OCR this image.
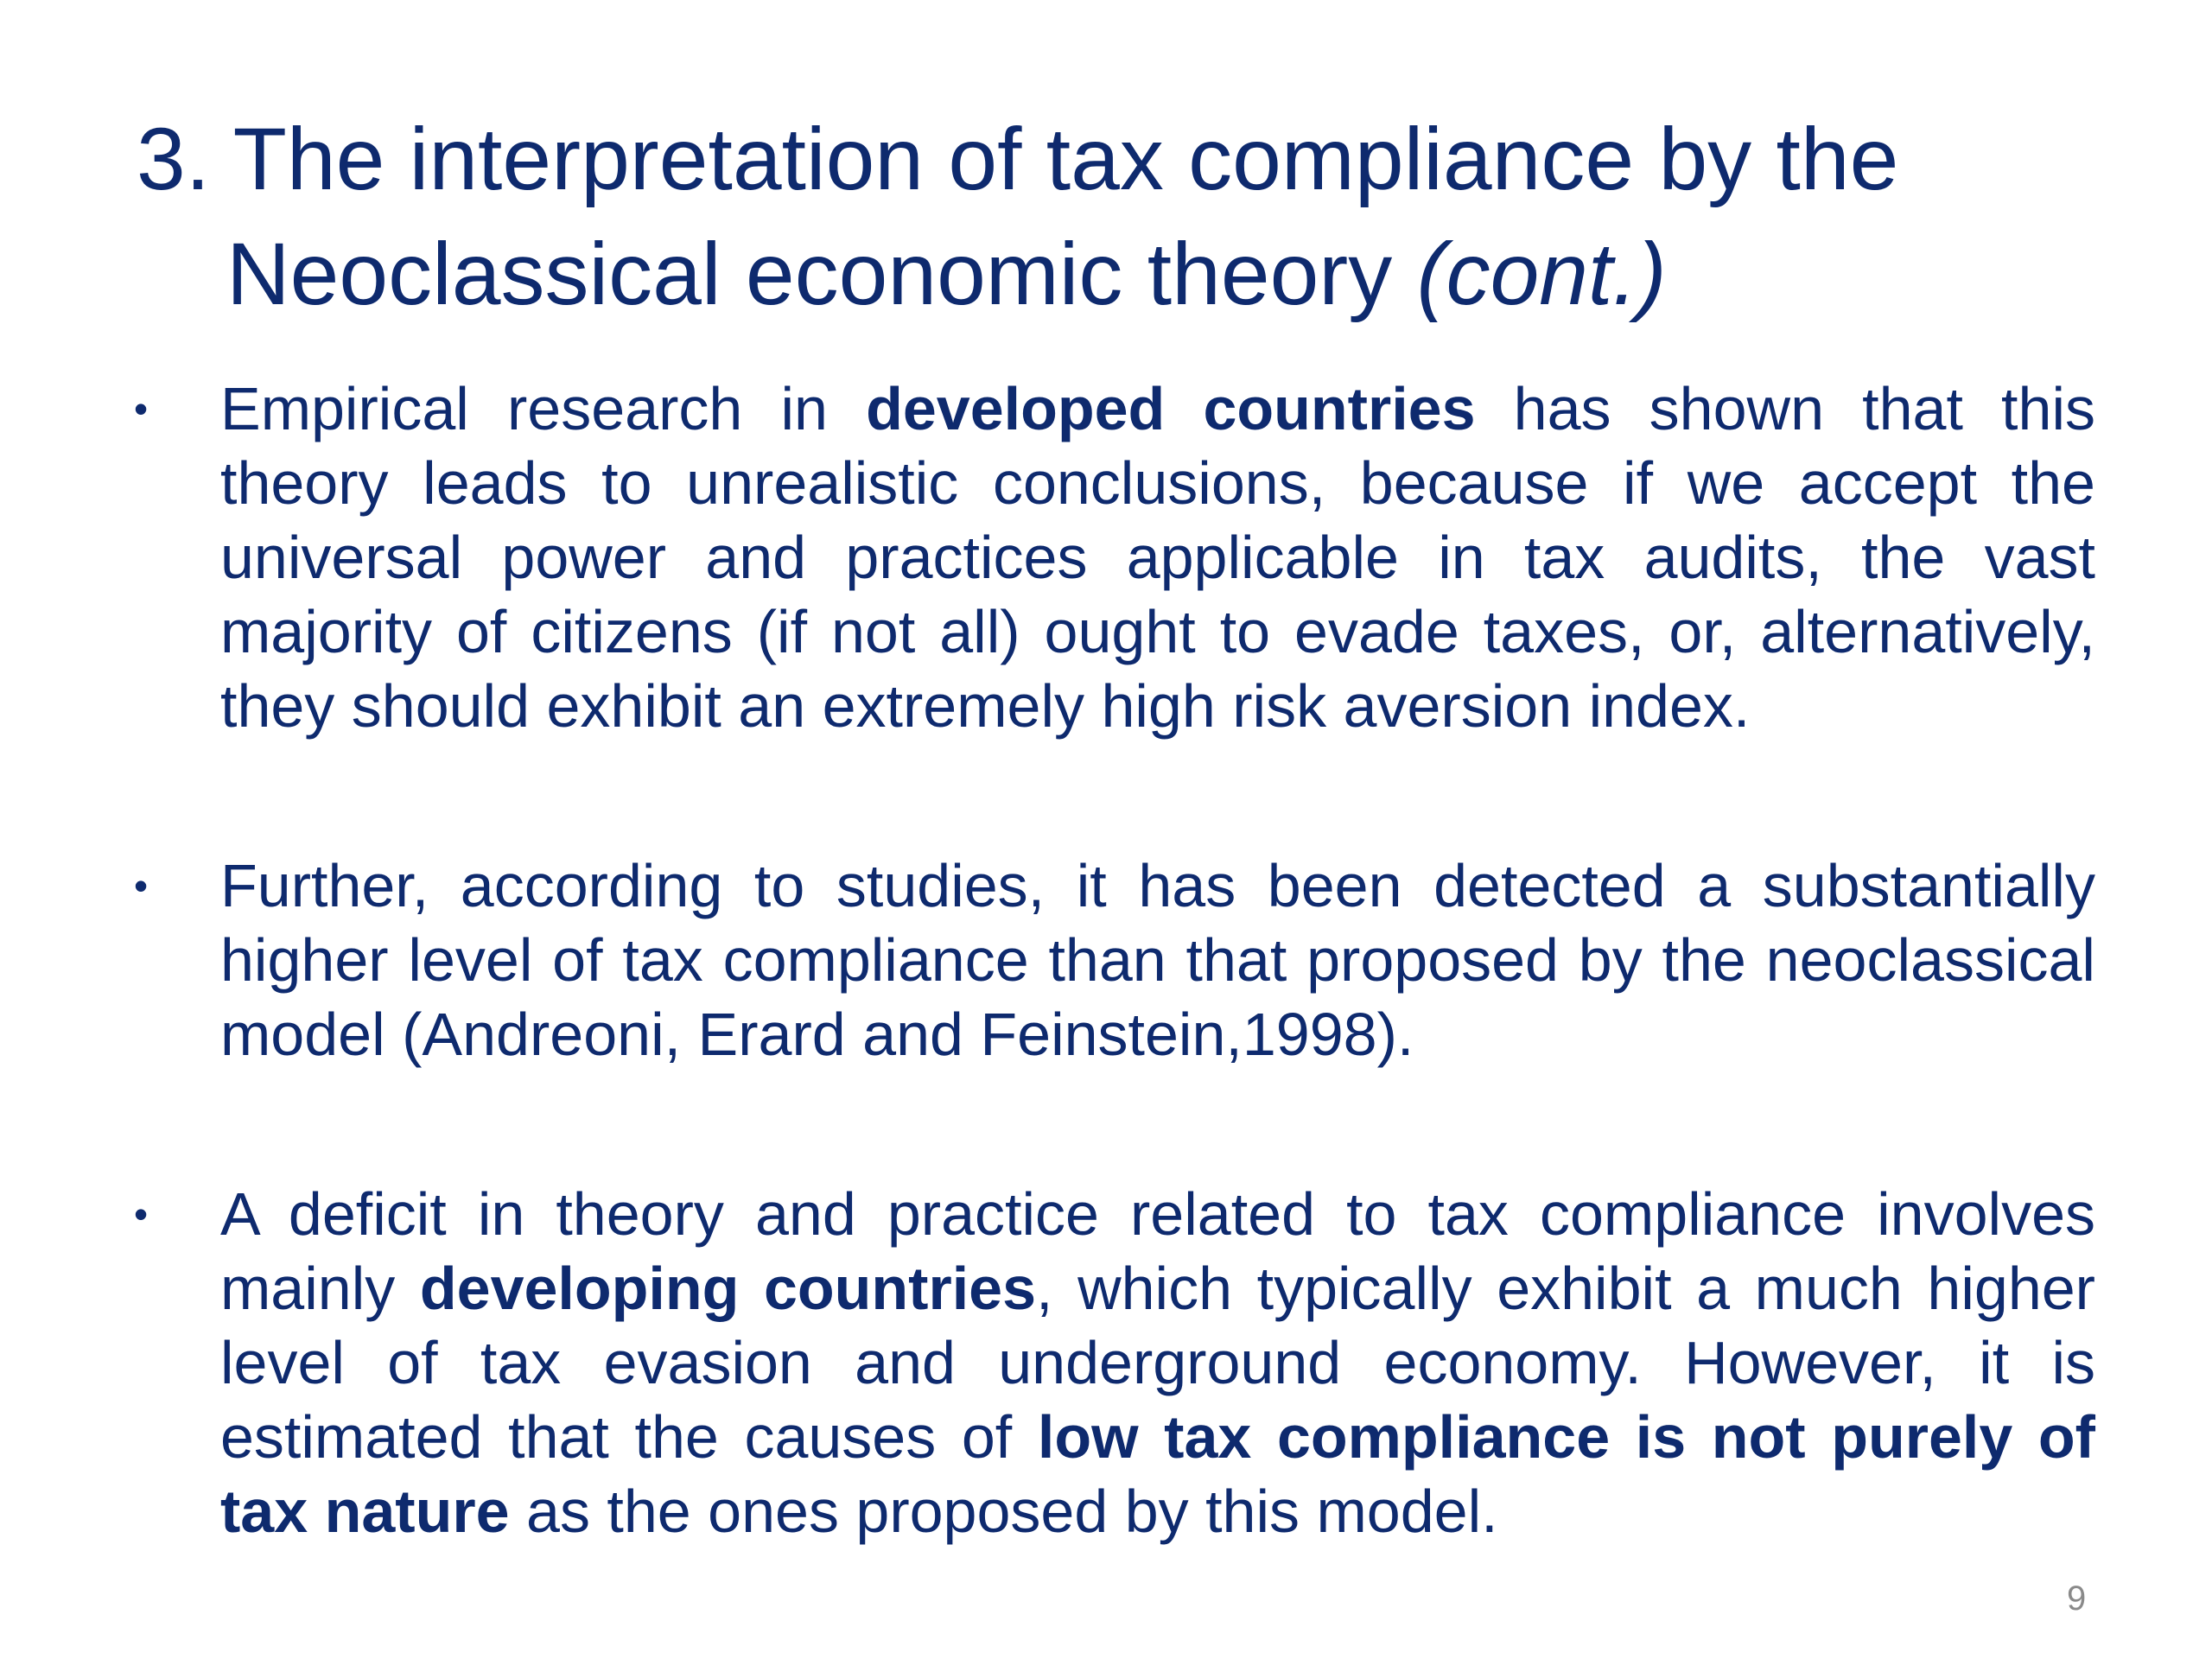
3. The interpretation of tax compliance by the
Neoclassical economic theory (cont.)
•	Empirical research in developed countries has shown that this theory leads to unrealistic conclusions, because if we accept the universal power and practices applicable in tax audits, the vast majority of citizens (if not all) ought to evade taxes, or, alternatively, they should exhibit an extremely high risk aversion index.
•	Further, according to studies, it has been detected a substantially higher level of tax compliance than that proposed by the neoclassical model (Andreoni, Erard and Feinstein,1998).
•	A deficit in theory and practice related to tax compliance involves mainly developing countries, which typically exhibit a much higher level of tax evasion and underground economy. However, it is estimated that the causes of low tax compliance is not purely of tax nature as the ones proposed by this model.
9
